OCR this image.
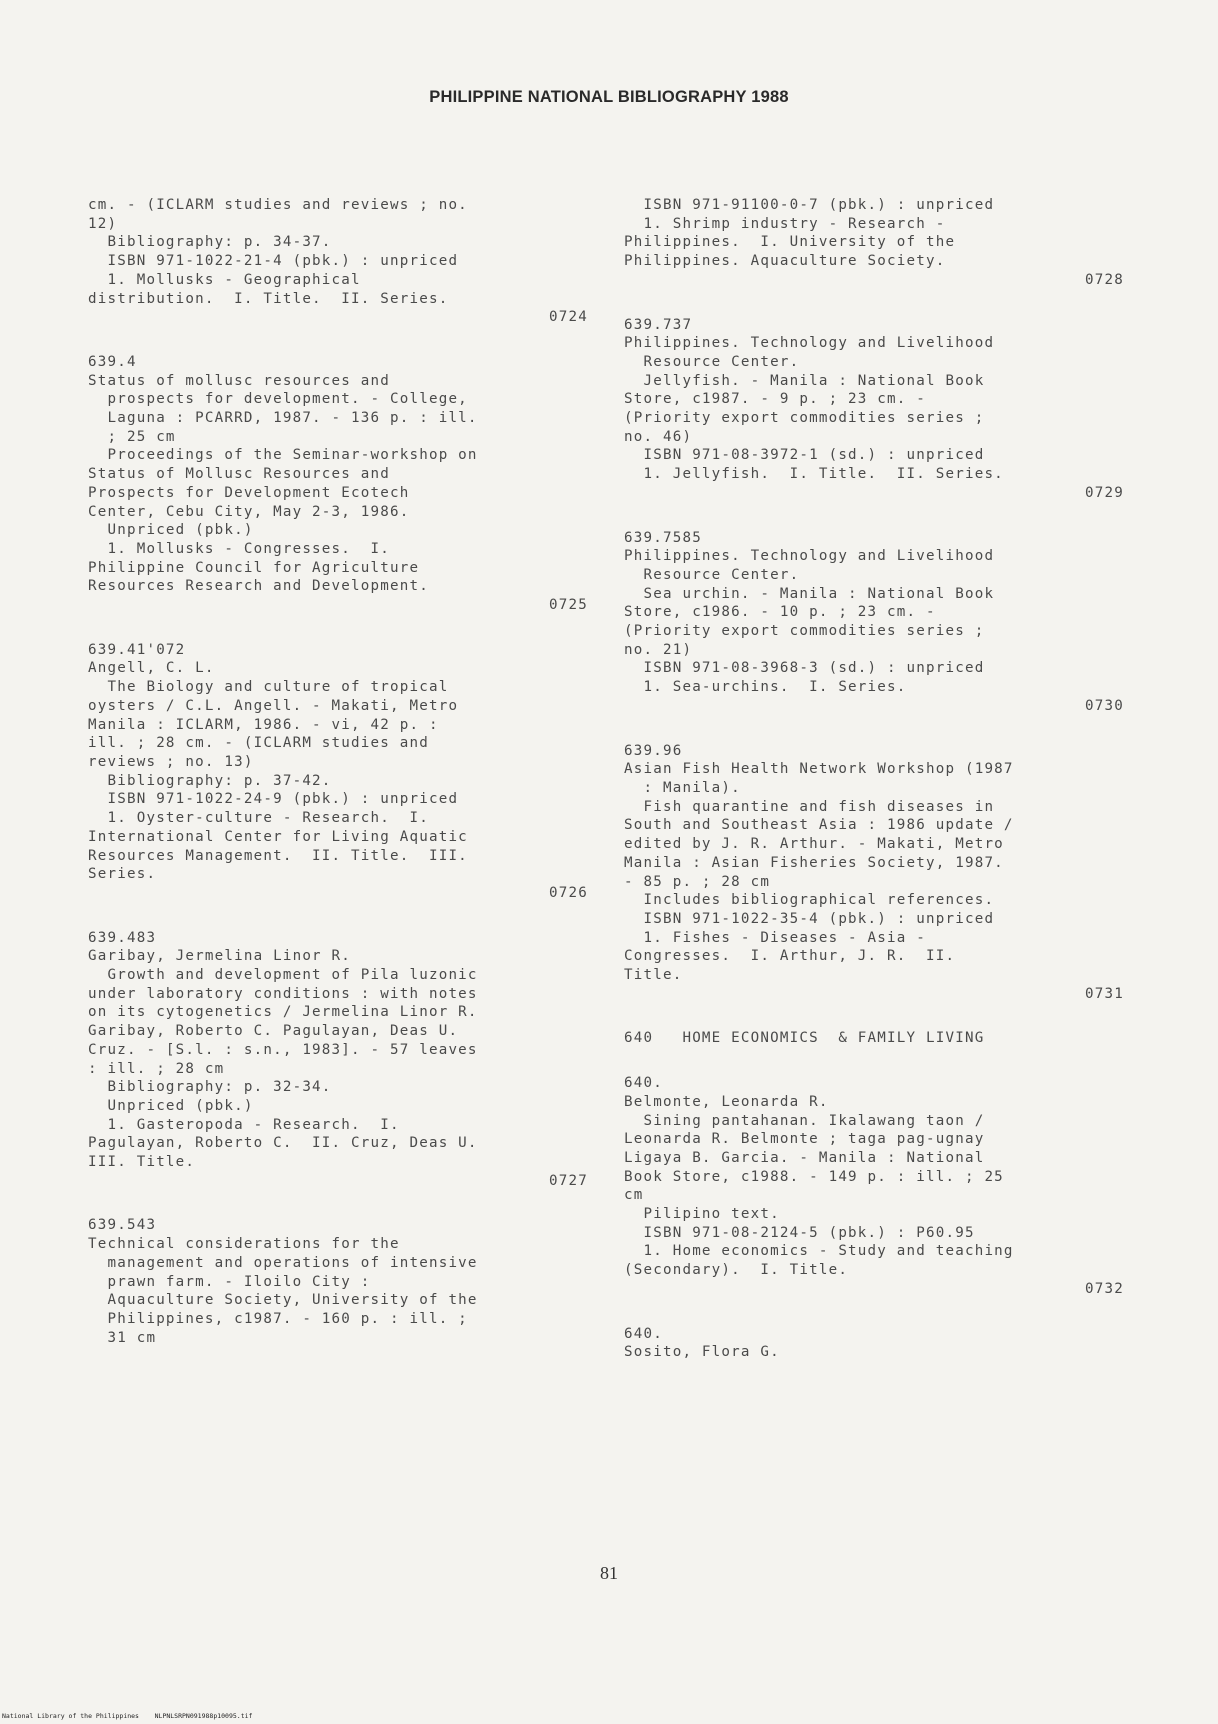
PHILIPPINE NATIONAL BIBLIOGRAPHY 1988
cm. - (ICLARM studies and reviews ; no.
12)
Bibliography: p. 34-37.
ISBN 971-1022-21-4 (pbk.) : unpriced
1. Mollusks - Geographical
distribution.  I. Title.  II. Series.
0724
639.4
Status of mollusc resources and
prospects for development. - College,
Laguna : PCARRD, 1987. - 136 p. : ill.
; 25 cm
Proceedings of the Seminar-workshop on
Status of Mollusc Resources and
Prospects for Development Ecotech
Center, Cebu City, May 2-3, 1986.
Unpriced (pbk.)
1. Mollusks - Congresses.  I.
Philippine Council for Agriculture
Resources Research and Development.
0725
639.41'072
Angell, C. L.
The Biology and culture of tropical
oysters / C.L. Angell. - Makati, Metro
Manila : ICLARM, 1986. - vi, 42 p. :
ill. ; 28 cm. - (ICLARM studies and
reviews ; no. 13)
Bibliography: p. 37-42.
ISBN 971-1022-24-9 (pbk.) : unpriced
1. Oyster-culture - Research.  I.
International Center for Living Aquatic
Resources Management.  II. Title.  III.
Series.
0726
639.483
Garibay, Jermelina Linor R.
Growth and development of Pila luzonic
under laboratory conditions : with notes
on its cytogenetics / Jermelina Linor R.
Garibay, Roberto C. Pagulayan, Deas U.
Cruz. - [S.l. : s.n., 1983]. - 57 leaves
: ill. ; 28 cm
Bibliography: p. 32-34.
Unpriced (pbk.)
1. Gasteropoda - Research.  I.
Pagulayan, Roberto C.  II. Cruz, Deas U.
III. Title.
0727
639.543
Technical considerations for the
management and operations of intensive
prawn farm. - Iloilo City :
Aquaculture Society, University of the
Philippines, c1987. - 160 p. : ill. ;
31 cm
ISBN 971-91100-0-7 (pbk.) : unpriced
1. Shrimp industry - Research -
Philippines.  I. University of the
Philippines. Aquaculture Society.
0728
639.737
Philippines. Technology and Livelihood
Resource Center.
Jellyfish. - Manila : National Book
Store, c1987. - 9 p. ; 23 cm. -
(Priority export commodities series ;
no. 46)
ISBN 971-08-3972-1 (sd.) : unpriced
1. Jellyfish.  I. Title.  II. Series.
0729
639.7585
Philippines. Technology and Livelihood
Resource Center.
Sea urchin. - Manila : National Book
Store, c1986. - 10 p. ; 23 cm. -
(Priority export commodities series ;
no. 21)
ISBN 971-08-3968-3 (sd.) : unpriced
1. Sea-urchins.  I. Series.
0730
639.96
Asian Fish Health Network Workshop (1987
: Manila).
Fish quarantine and fish diseases in
South and Southeast Asia : 1986 update /
edited by J. R. Arthur. - Makati, Metro
Manila : Asian Fisheries Society, 1987.
- 85 p. ; 28 cm
Includes bibliographical references.
ISBN 971-1022-35-4 (pbk.) : unpriced
1. Fishes - Diseases - Asia -
Congresses.  I. Arthur, J. R.  II.
Title.
0731
640   HOME ECONOMICS  & FAMILY LIVING
640.
Belmonte, Leonarda R.
Sining pantahanan. Ikalawang taon /
Leonarda R. Belmonte ; taga pag-ugnay
Ligaya B. Garcia. - Manila : National
Book Store, c1988. - 149 p. : ill. ; 25
cm
Pilipino text.
ISBN 971-08-2124-5 (pbk.) : P60.95
1. Home economics - Study and teaching
(Secondary).  I. Title.
0732
640.
Sosito, Flora G.
81
National Library of the Philippines    NLPNLSRPN091988p10095.tif
